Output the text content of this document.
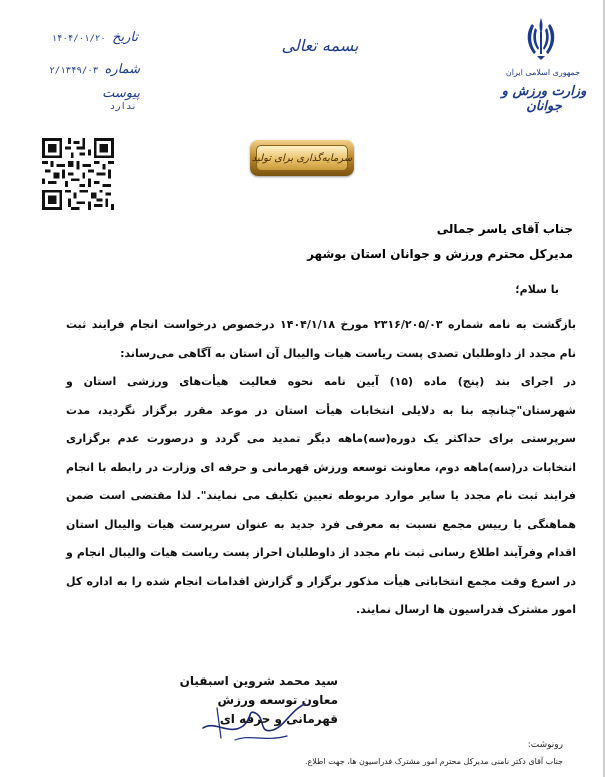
جمهوری اسلامی ایران
وزارت ورزش و جوانان
بسمه تعالی
تاریخ  ۱۴۰۴/۰۱/۲۰
شماره  ۲/۱۳۴۹/۰۳
پیوست  ندارد
سرمایه‌گذاری برای تولید
جناب آقای یاسر جمالی
مدیرکل محترم ورزش و جوانان استان بوشهر
با سلام؛

بازگشت به نامه شماره ۲۳۱۶/۲۰۵/۰۳ مورخ ۱۴۰۴/۱/۱۸ درخصوص درخواست انجام فرایند ثبت نام مجدد از داوطلبان تصدی پست ریاست هیات والیبال آن استان به آگاهی می‌رساند:

در اجرای بند (پنج) ماده (۱۵) آیین نامه نحوه فعالیت هیأت‌های ورزشی استان و شهرستان"چنانچه بنا به دلایلی انتخابات هیأت استان در موعد مقرر برگزار نگردید، مدت سرپرستی برای حداکثر یک دوره(سه)ماهه دیگر تمدید می گردد و درصورت عدم برگزاری انتخابات در(سه)ماهه دوم، معاونت توسعه ورزش قهرمانی و حرفه ای وزارت در رابطه با انجام فرایند ثبت نام مجدد یا سایر موارد مربوطه تعیین تکلیف می نمایند". لذا مقتضی است ضمن هماهنگی با رییس مجمع نسبت به معرفی فرد جدید به عنوان سرپرست هیات والیبال استان اقدام وفرآیند اطلاع رسانی ثبت نام مجدد از داوطلبان احراز پست ریاست هیات والیبال انجام و در اسرع وقت مجمع انتخاباتی هیأت مذکور برگزار و گزارش اقدامات انجام شده را به اداره کل امور مشترک فدراسیون ها ارسال نمایند.

سید محمد شروین اسبقیان
معاون توسعه ورزش
قهرمانی و حرفه ای
رونوشت:
جناب آقای دکتر نامنی مدیرکل محترم امور مشترک فدراسیون ها، جهت اطلاع.
